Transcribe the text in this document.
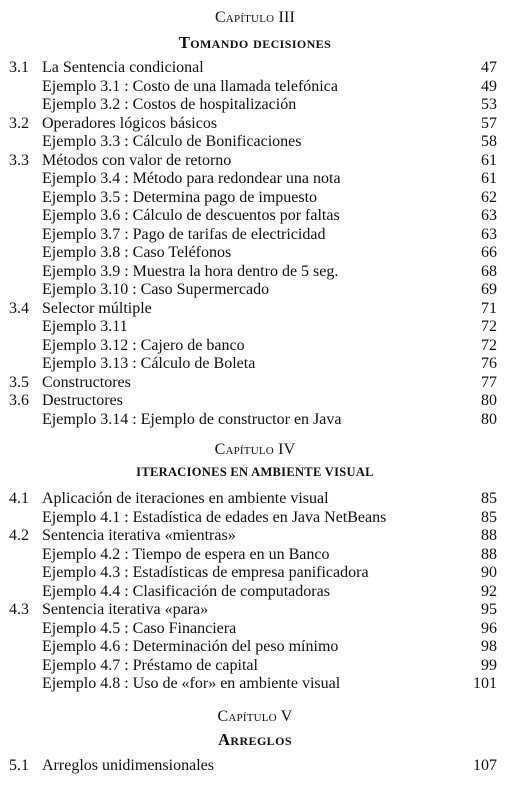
Capítulo III
Tomando decisiones
3.1 La Sentencia condicional	47
Ejemplo 3.1 : Costo de una llamada telefónica	49
Ejemplo 3.2 : Costos de hospitalización	53
3.2 Operadores lógicos básicos	57
Ejemplo 3.3 : Cálculo de Bonificaciones	58
3.3 Métodos con valor de retorno	61
Ejemplo 3.4 : Método para redondear una nota	61
Ejemplo 3.5 : Determina pago de impuesto	62
Ejemplo 3.6 : Cálculo de descuentos por faltas	63
Ejemplo 3.7 : Pago de tarifas de electricidad	63
Ejemplo 3.8 : Caso Teléfonos	66
Ejemplo 3.9 : Muestra la hora dentro de 5 seg.	68
Ejemplo 3.10 : Caso Supermercado	69
3.4 Selector múltiple	71
Ejemplo 3.11	72
Ejemplo 3.12 : Cajero de banco	72
Ejemplo 3.13 : Cálculo de Boleta	76
3.5 Constructores	77
3.6 Destructores	80
Ejemplo 3.14 : Ejemplo de constructor en Java	80
Capítulo IV
ITERACIONES EN AMBIENTE VISUAL
4.1 Aplicación de iteraciones en ambiente visual	85
Ejemplo 4.1 : Estadística de edades en Java NetBeans	85
4.2 Sentencia iterativa «mientras»	88
Ejemplo 4.2 : Tiempo de espera en un Banco	88
Ejemplo 4.3 : Estadísticas de empresa panificadora	90
Ejemplo 4.4 : Clasificación de computadoras	92
4.3 Sentencia iterativa «para»	95
Ejemplo 4.5 : Caso Financiera	96
Ejemplo 4.6 : Determinación del peso mínimo	98
Ejemplo 4.7 : Préstamo de capital	99
Ejemplo 4.8 : Uso de «for» en ambiente visual	101
Capítulo V
Arreglos
5.1 Arreglos unidimensionales	107
